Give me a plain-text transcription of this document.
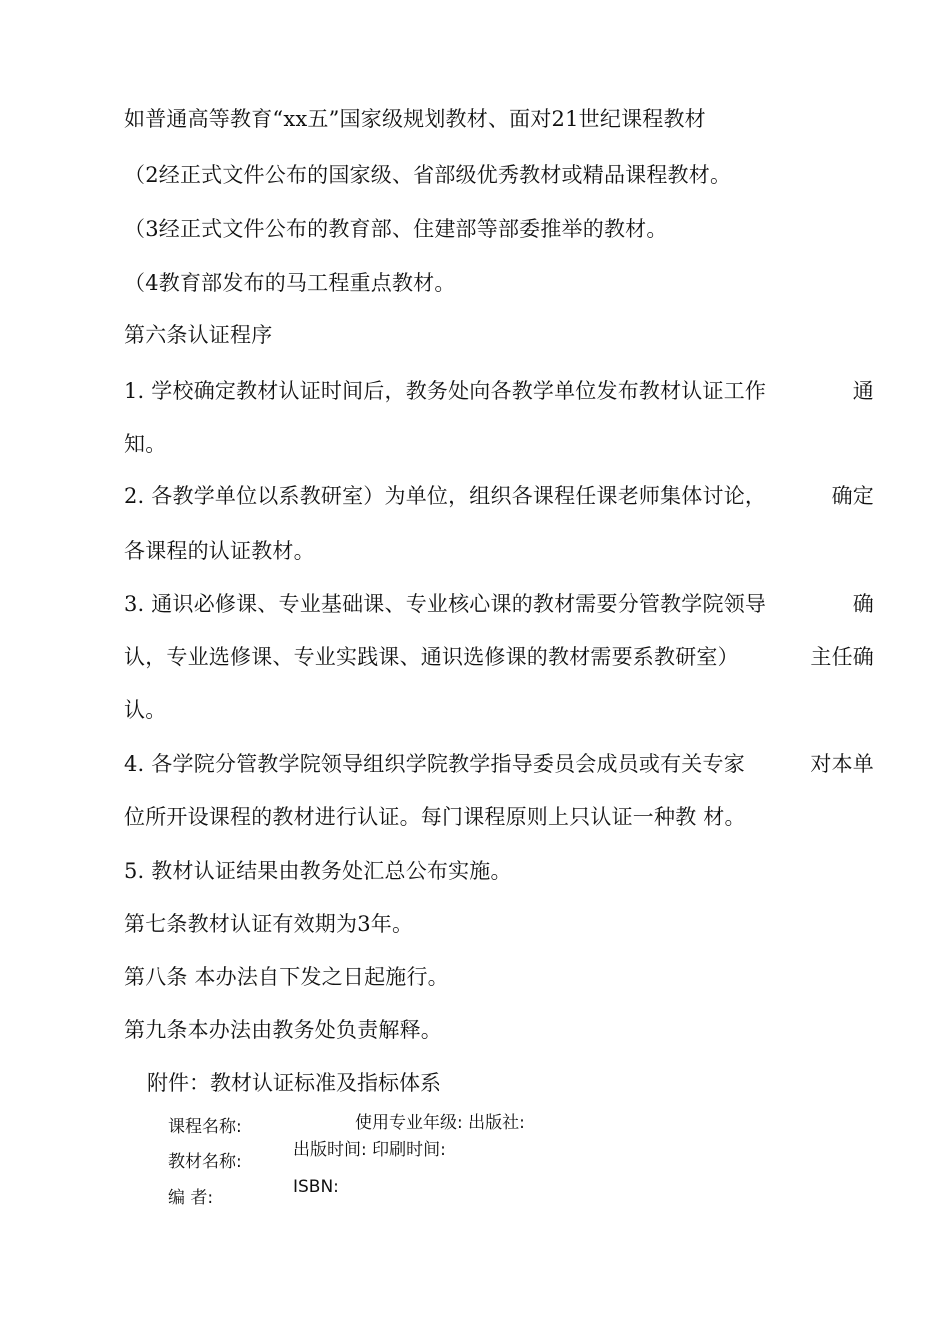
如普通高等教育“xx五”国家级规划教材、面对21世纪课程教材
（2经正式文件公布的国家级、省部级优秀教材或精品课程教材。
（3经正式文件公布的教育部、住建部等部委推举的教材。
（4教育部发布的马工程重点教材。
第六条认证程序
1. 学校确定教材认证时间后，教务处向各教学单位发布教材认证工作	通
知。
2. 各教学单位以系教研室）为单位，组织各课程任课老师集体讨论，	确定
各课程的认证教材。
3. 通识必修课、专业基础课、专业核心课的教材需要分管教学院领导	确
认，专业选修课、专业实践课、通识选修课的教材需要系教研室）	主任确
认。
4. 各学院分管教学院领导组织学院教学指导委员会成员或有关专家	对本单
位所开设课程的教材进行认证。每门课程原则上只认证一种教 材。
5. 教材认证结果由教务处汇总公布实施。
第七条教材认证有效期为3年。
第八条 本办法自下发之日起施行。
第九条本办法由教务处负责解释。
附件：教材认证标准及指标体系
课程名称:	使用专业年级: 出版社:
教材名称:
出版时间: 印刷时间:
编 者:
ISBN:
